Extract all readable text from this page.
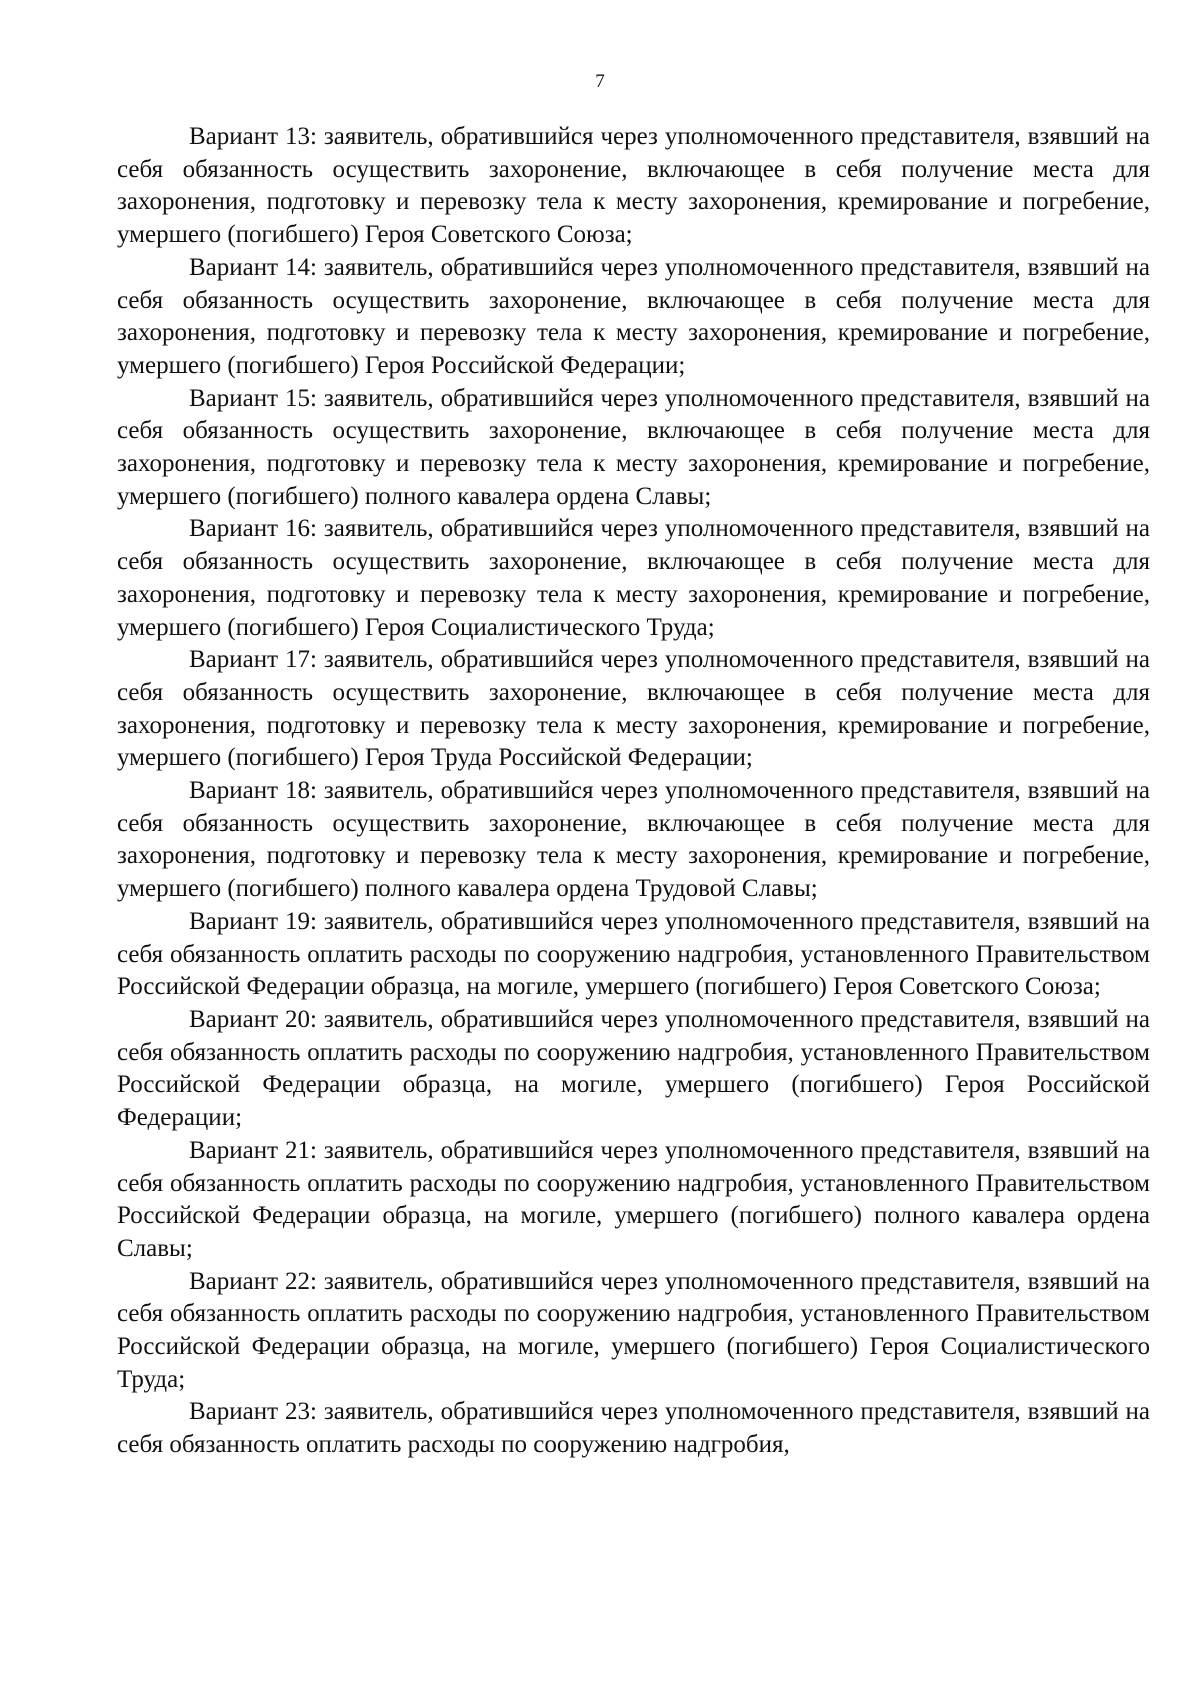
7

Вариант 13: заявитель, обратившийся через уполномоченного представителя, взявший на себя обязанность осуществить захоронение, включающее в себя получение места для захоронения, подготовку и перевозку тела к месту захоронения, кремирование и погребение, умершего (погибшего) Героя Советского Союза;

Вариант 14: заявитель, обратившийся через уполномоченного представителя, взявший на себя обязанность осуществить захоронение, включающее в себя получение места для захоронения, подготовку и перевозку тела к месту захоронения, кремирование и погребение, умершего (погибшего) Героя Российской Федерации;

Вариант 15: заявитель, обратившийся через уполномоченного представителя, взявший на себя обязанность осуществить захоронение, включающее в себя получение места для захоронения, подготовку и перевозку тела к месту захоронения, кремирование и погребение, умершего (погибшего) полного кавалера ордена Славы;

Вариант 16: заявитель, обратившийся через уполномоченного представителя, взявший на себя обязанность осуществить захоронение, включающее в себя получение места для захоронения, подготовку и перевозку тела к месту захоронения, кремирование и погребение, умершего (погибшего) Героя Социалистического Труда;

Вариант 17: заявитель, обратившийся через уполномоченного представителя, взявший на себя обязанность осуществить захоронение, включающее в себя получение места для захоронения, подготовку и перевозку тела к месту захоронения, кремирование и погребение, умершего (погибшего) Героя Труда Российской Федерации;

Вариант 18: заявитель, обратившийся через уполномоченного представителя, взявший на себя обязанность осуществить захоронение, включающее в себя получение места для захоронения, подготовку и перевозку тела к месту захоронения, кремирование и погребение, умершего (погибшего) полного кавалера ордена Трудовой Славы;

Вариант 19: заявитель, обратившийся через уполномоченного представителя, взявший на себя обязанность оплатить расходы по сооружению надгробия, установленного Правительством Российской Федерации образца, на могиле, умершего (погибшего) Героя Советского Союза;

Вариант 20: заявитель, обратившийся через уполномоченного представителя, взявший на себя обязанность оплатить расходы по сооружению надгробия, установленного Правительством Российской Федерации образца, на могиле, умершего (погибшего) Героя Российской Федерации;

Вариант 21: заявитель, обратившийся через уполномоченного представителя, взявший на себя обязанность оплатить расходы по сооружению надгробия, установленного Правительством Российской Федерации образца, на могиле, умершего (погибшего) полного кавалера ордена Славы;

Вариант 22: заявитель, обратившийся через уполномоченного представителя, взявший на себя обязанность оплатить расходы по сооружению надгробия, установленного Правительством Российской Федерации образца, на могиле, умершего (погибшего) Героя Социалистического Труда;

Вариант 23: заявитель, обратившийся через уполномоченного представителя, взявший на себя обязанность оплатить расходы по сооружению надгробия,
